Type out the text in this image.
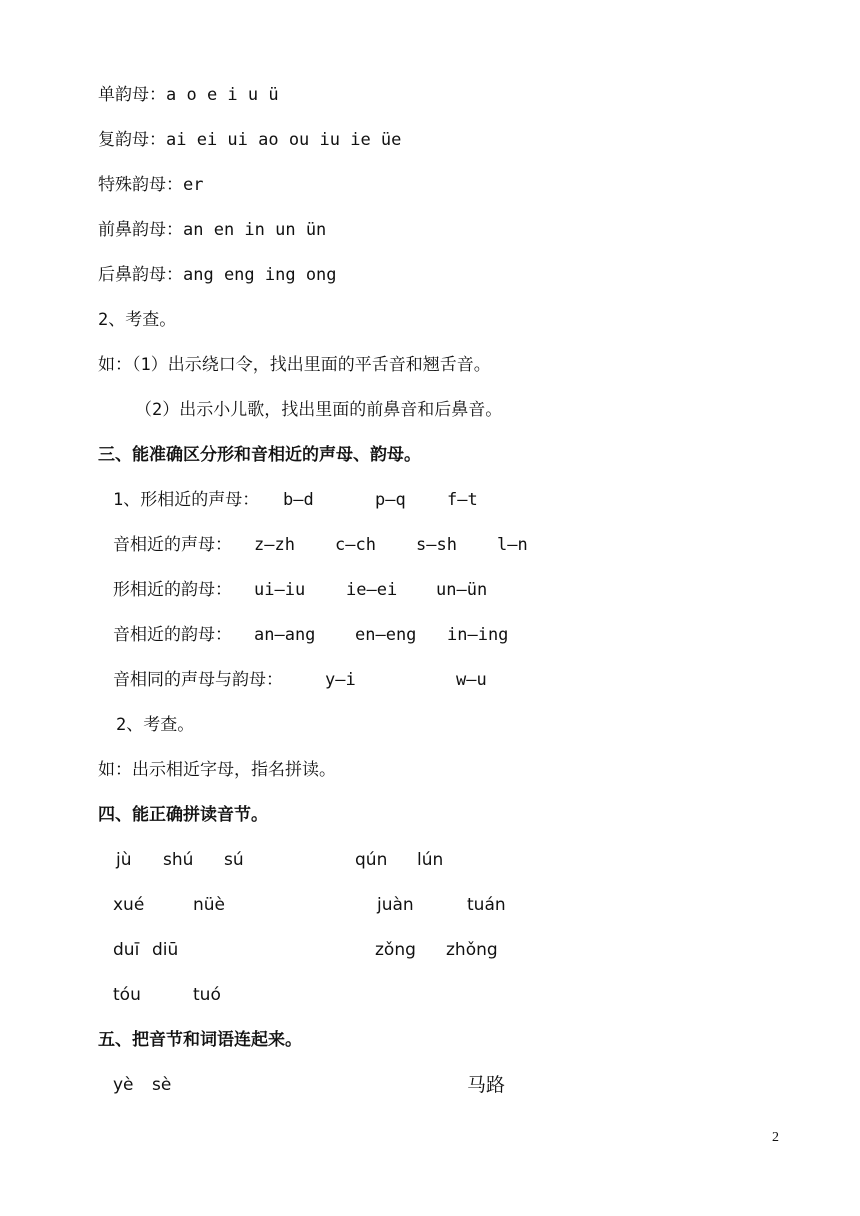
单韵母：a o e i u ü
复韵母：ai ei ui ao ou iu ie üe
特殊韵母：er
前鼻韵母：an en in un ün
后鼻韵母：ang eng ing ong
2、考查。
如：（1）出示绕口令，找出里面的平舌音和翘舌音。
（2）出示小儿歌，找出里面的前鼻音和后鼻音。
三、能准确区分形和音相近的声母、韵母。
1、形相近的声母： b—d	p—q f—t
音相近的声母： z—zh c—ch s—sh l—n
形相近的韵母： ui—iu ie—ei un—ün
音相近的韵母： an—ang en—eng in—ing
音相同的声母与韵母： y—i	w—u
2、考查。
如：出示相近字母，指名拼读。
四、能正确拼读音节。
jù shú sú	qún lún
xué	nüè	juàn	tuán
duī diū	zǒng zhǒng
tóu	tuó
五、把音节和词语连起来。
yè sè	马路
2
